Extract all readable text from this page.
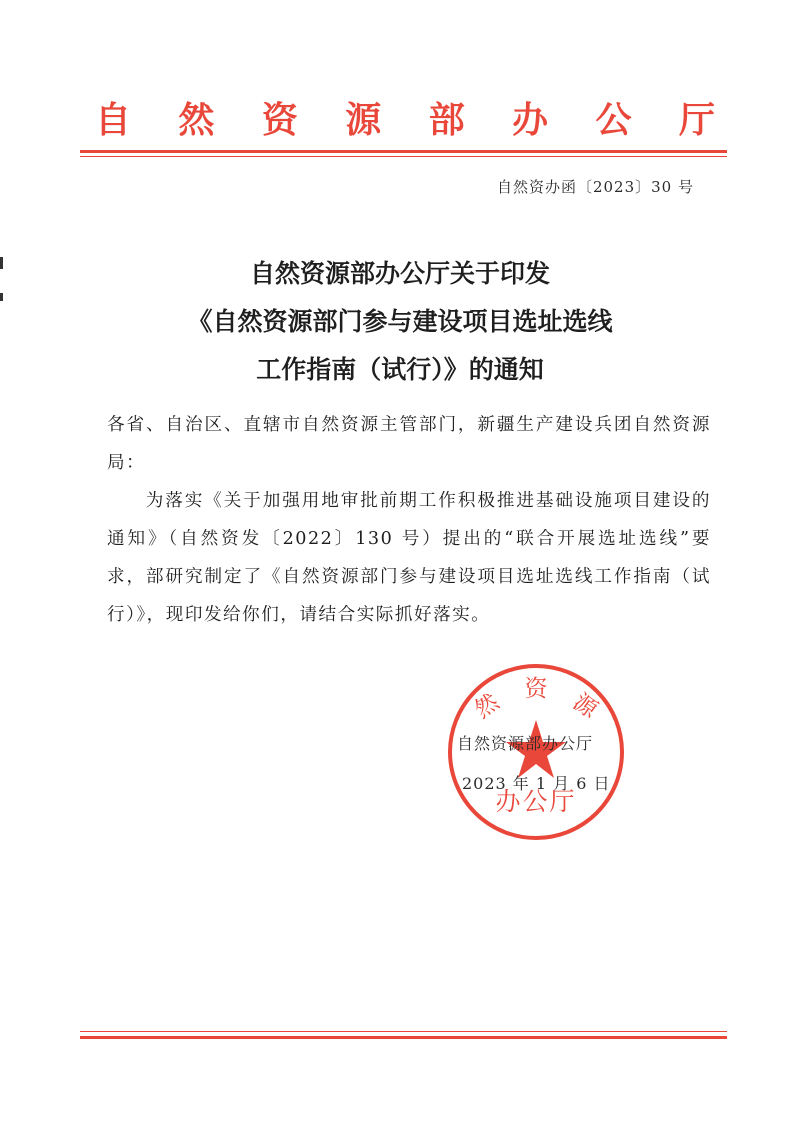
自 然 资 源 部 办 公 厅
自然资办函〔2023〕30 号
自然资源部办公厅关于印发
《自然资源部门参与建设项目选址选线
工作指南（试行）》的通知

各省、自治区、直辖市自然资源主管部门，新疆生产建设兵团自然资源局：

为落实《关于加强用地审批前期工作积极推进基础设施项目建设的通知》（自然资发〔2022〕130 号）提出的“联合开展选址选线”要求，部研究制定了《自然资源部门参与建设项目选址选线工作指南（试行）》，现印发给你们，请结合实际抓好落实。

然
资
源
办公厅
自然资源部办公厅
2023 年 1 月 6 日
